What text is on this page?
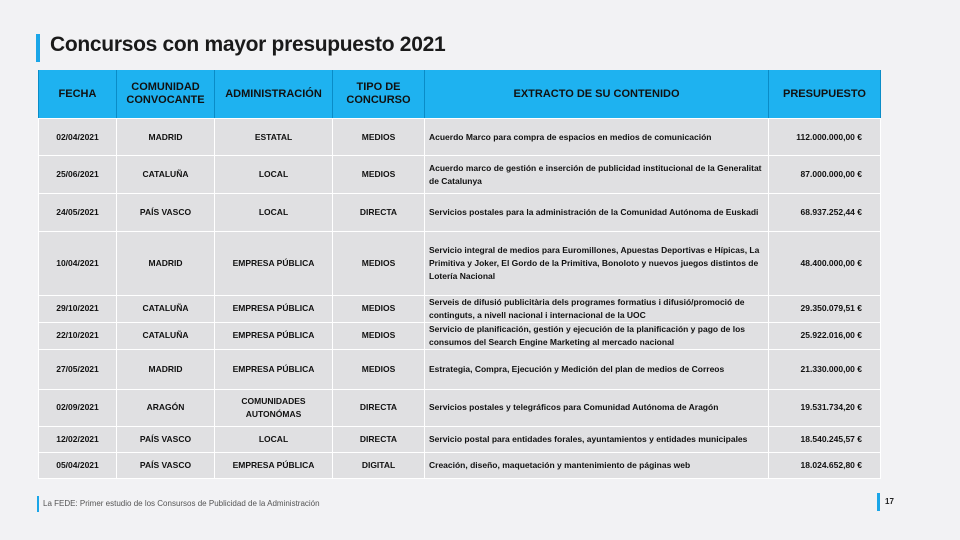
Concursos con mayor presupuesto 2021
FECHA	COMUNIDAD CONVOCANTE	ADMINISTRACIÓN	TIPO DE CONCURSO	EXTRACTO DE SU CONTENIDO	PRESUPUESTO
02/04/2021	MADRID	ESTATAL	MEDIOS	Acuerdo Marco para compra de espacios en medios de comunicación	112.000.000,00 €
25/06/2021	CATALUÑA	LOCAL	MEDIOS	Acuerdo marco de gestión e inserción de publicidad institucional de la Generalitat de Catalunya	87.000.000,00 €
24/05/2021	PAÍS VASCO	LOCAL	DIRECTA	Servicios postales para la administración de la Comunidad Autónoma de Euskadi	68.937.252,44 €
10/04/2021	MADRID	EMPRESA PÚBLICA	MEDIOS	Servicio integral de medios para Euromillones, Apuestas Deportivas e Hípicas, La Primitiva y Joker, El Gordo de la Primitiva, Bonoloto y nuevos juegos distintos de Lotería Nacional	48.400.000,00 €
29/10/2021	CATALUÑA	EMPRESA PÚBLICA	MEDIOS	Serveis de difusió publicitària dels programes formatius i difusió/promoció de continguts, a nivell nacional i internacional de la UOC	29.350.079,51 €
22/10/2021	CATALUÑA	EMPRESA PÚBLICA	MEDIOS	Servicio de planificación, gestión y ejecución de la planificación y pago de los consumos del Search Engine Marketing al mercado nacional	25.922.016,00 €
27/05/2021	MADRID	EMPRESA PÚBLICA	MEDIOS	Estrategia, Compra, Ejecución y Medición del plan de medios de Correos	21.330.000,00 €
02/09/2021	ARAGÓN	COMUNIDADES AUTONÓMAS	DIRECTA	Servicios postales y telegráficos para Comunidad Autónoma de Aragón	19.531.734,20 €
12/02/2021	PAÍS VASCO	LOCAL	DIRECTA	Servicio postal para entidades forales, ayuntamientos y entidades municipales	18.540.245,57 €
05/04/2021	PAÍS VASCO	EMPRESA PÚBLICA	DIGITAL	Creación, diseño, maquetación y mantenimiento de páginas web	18.024.652,80 €
La FEDE: Primer estudio de los Consursos de Publicidad de la Administración	17
